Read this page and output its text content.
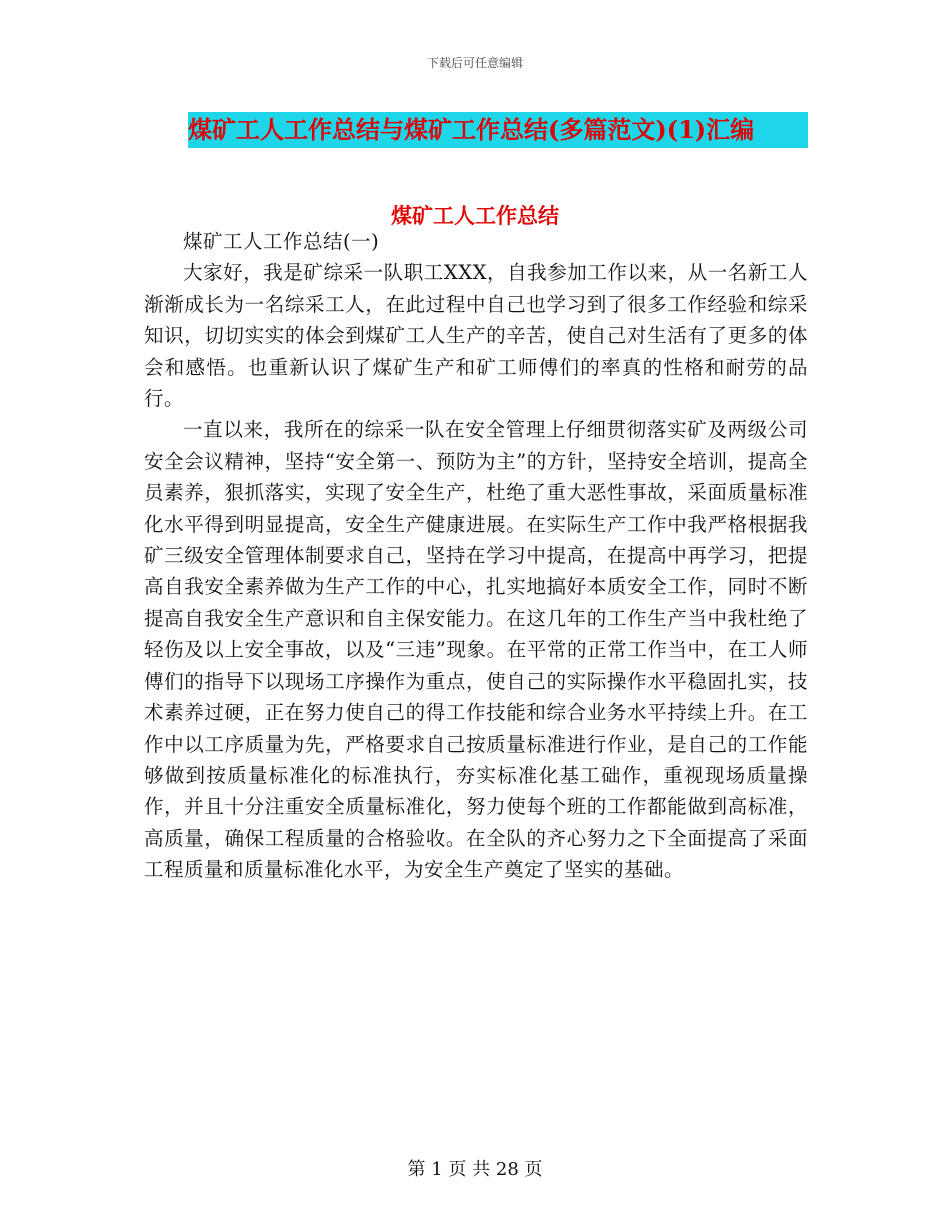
下载后可任意编辑
煤矿工人工作总结与煤矿工作总结(多篇范文)(1)汇编
煤矿工人工作总结

煤矿工人工作总结(一)

大家好，我是矿综采一队职工XXX，自我参加工作以来，从一名新工人渐渐成长为一名综采工人，在此过程中自己也学习到了很多工作经验和综采知识，切切实实的体会到煤矿工人生产的辛苦，使自己对生活有了更多的体会和感悟。也重新认识了煤矿生产和矿工师傅们的率真的性格和耐劳的品行。

一直以来，我所在的综采一队在安全管理上仔细贯彻落实矿及两级公司安全会议精神，坚持“安全第一、预防为主”的方针，坚持安全培训，提高全员素养，狠抓落实，实现了安全生产，杜绝了重大恶性事故，采面质量标准化水平得到明显提高，安全生产健康进展。在实际生产工作中我严格根据我矿三级安全管理体制要求自己，坚持在学习中提高，在提高中再学习，把提高自我安全素养做为生产工作的中心，扎实地搞好本质安全工作，同时不断提高自我安全生产意识和自主保安能力。在这几年的工作生产当中我杜绝了轻伤及以上安全事故，以及“三违”现象。在平常的正常工作当中，在工人师傅们的指导下以现场工序操作为重点，使自己的实际操作水平稳固扎实，技术素养过硬，正在努力使自己的得工作技能和综合业务水平持续上升。在工作中以工序质量为先，严格要求自己按质量标准进行作业，是自己的工作能够做到按质量标准化的标准执行，夯实标准化基工础作，重视现场质量操作，并且十分注重安全质量标准化，努力使每个班的工作都能做到高标准，高质量，确保工程质量的合格验收。在全队的齐心努力之下全面提高了采面工程质量和质量标准化水平，为安全生产奠定了坚实的基础。

第 1 页 共 28 页
